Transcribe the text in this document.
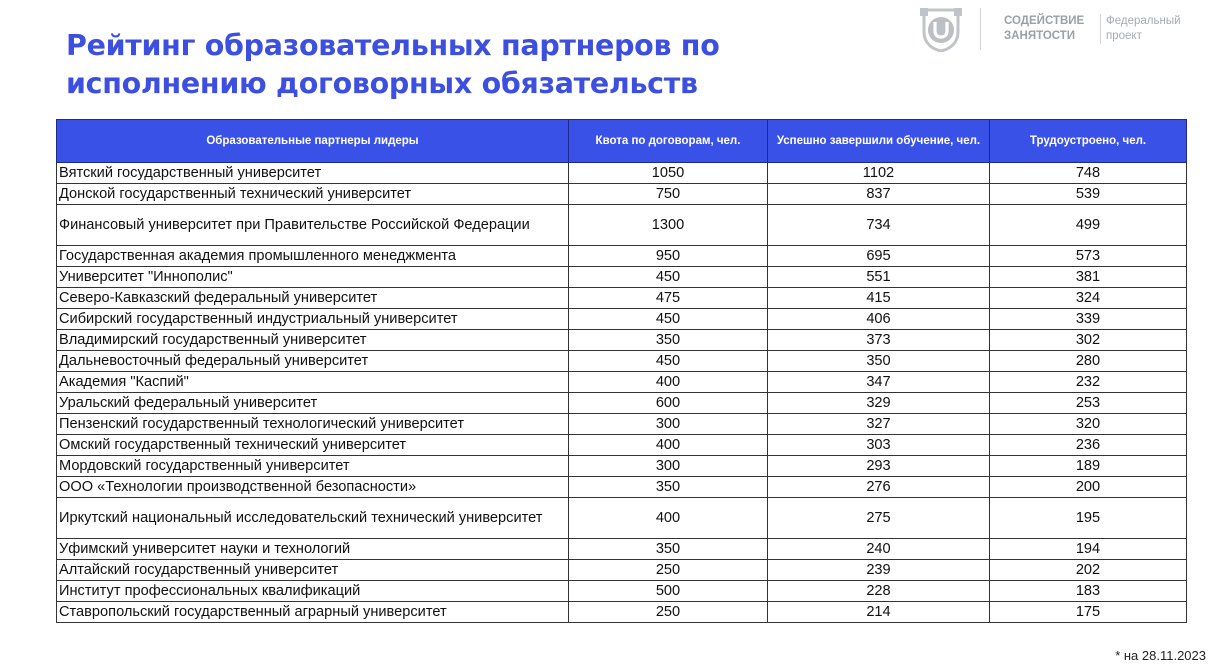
Рейтинг образовательных партнеров по
исполнению договорных обязательств
СОДЕЙСТВИЕ
ЗАНЯТОСТИ
Федеральный
проект
Образовательные партнеры лидеры	Квота по договорам, чел.	Успешно завершили обучение, чел.	Трудоустроено, чел.
Вятский государственный университет	1050	1102	748
Донской государственный технический университет	750	837	539
Финансовый университет при Правительстве Российской Федерации	1300	734	499
Государственная академия промышленного менеджмента	950	695	573
Университет "Иннополис"	450	551	381
Северо-Кавказский федеральный университет	475	415	324
Сибирский государственный индустриальный университет	450	406	339
Владимирский государственный университет	350	373	302
Дальневосточный федеральный университет	450	350	280
Академия "Каспий"	400	347	232
Уральский федеральный университет	600	329	253
Пензенский государственный технологический университет	300	327	320
Омский государственный технический университет	400	303	236
Мордовский государственный университет	300	293	189
ООО «Технологии производственной безопасности»	350	276	200
Иркутский национальный исследовательский технический университет	400	275	195
Уфимский университет науки и технологий	350	240	194
Алтайский государственный университет	250	239	202
Институт профессиональных квалификаций	500	228	183
Ставропольский государственный аграрный университет	250	214	175
* на 28.11.2023
